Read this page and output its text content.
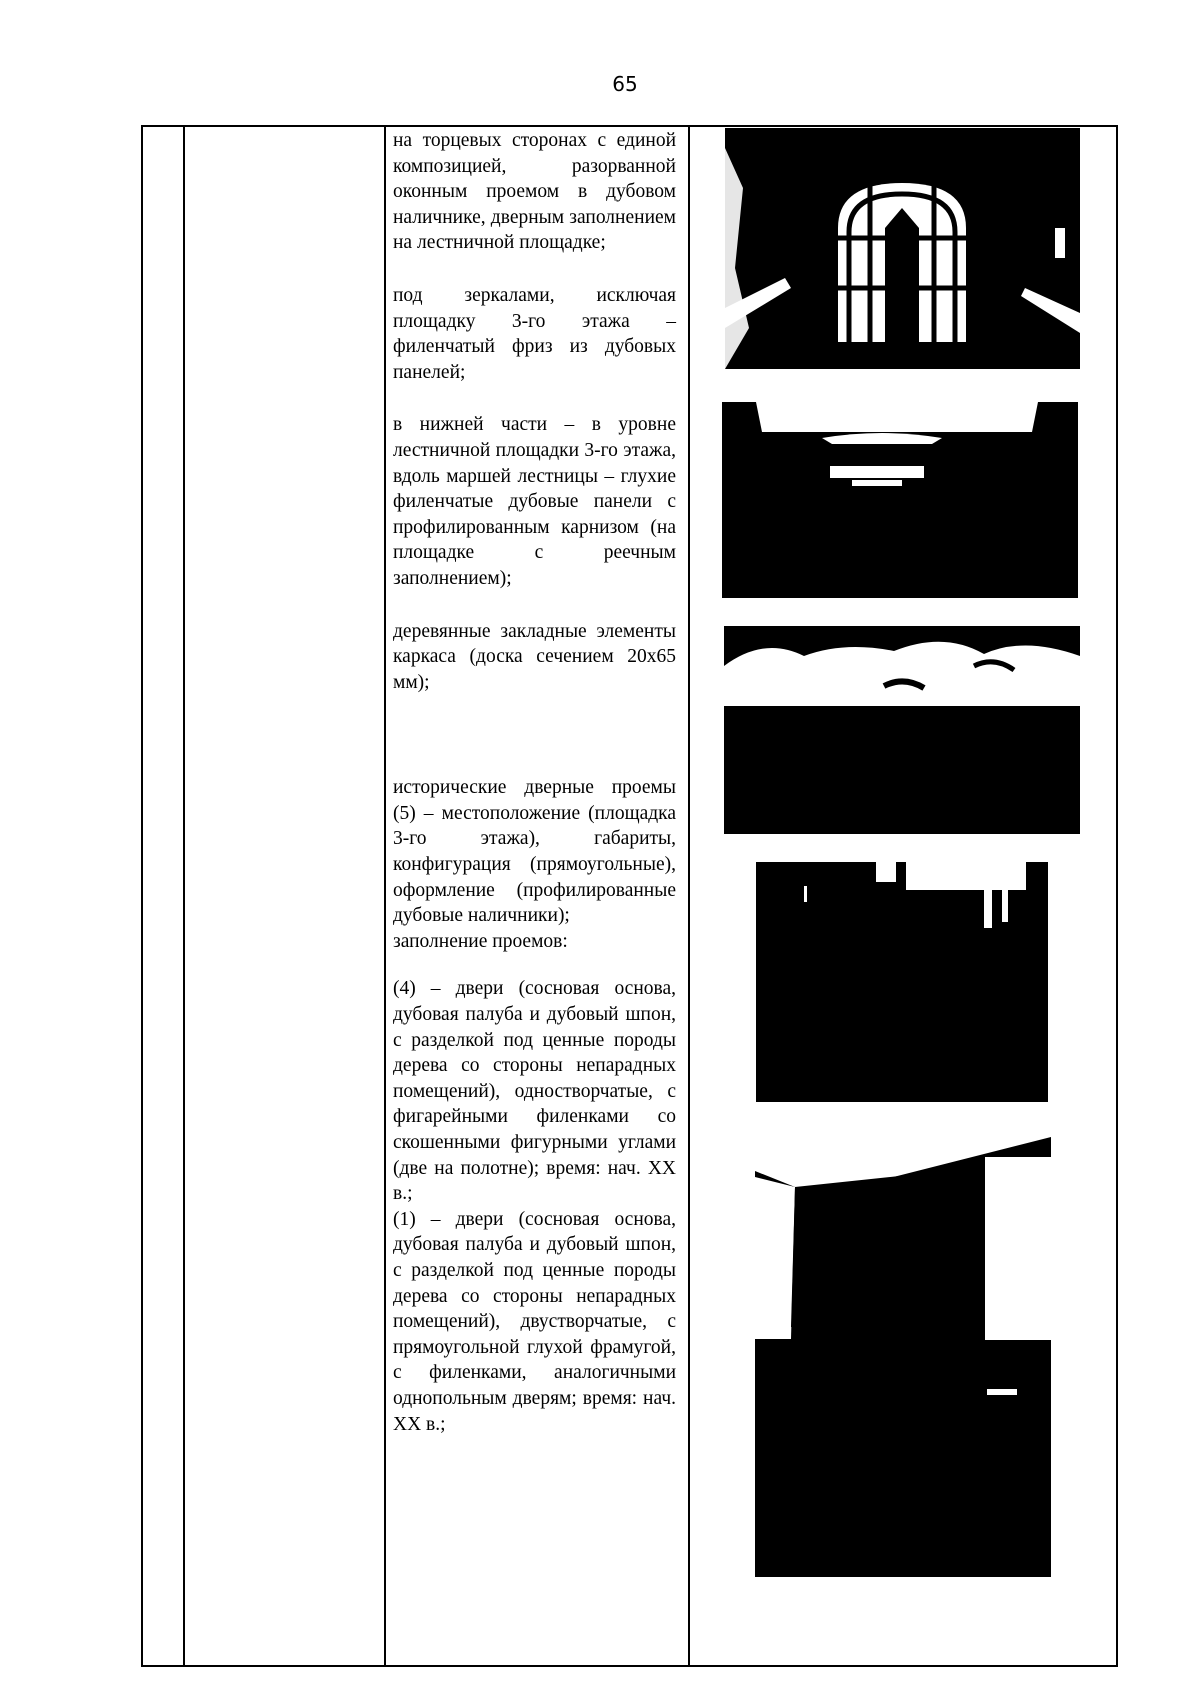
65

на торцевых сторонах с единой композицией, разорванной оконным проемом в дубовом наличнике, дверным заполнением на лестничной площадке;

под зеркалами, исключая площадку 3-го этажа – филенчатый фриз из дубовых панелей;

в нижней части – в уровне лестничной площадки 3-го этажа, вдоль маршей лестницы – глухие филенчатые дубовые панели с профилированным карнизом (на площадке с реечным заполнением);

деревянные закладные элементы каркаса (доска сечением 20х65 мм);

исторические дверные проемы (5) – местоположение (площадка 3-го этажа), габариты, конфигурация (прямоугольные), оформление (профилированные дубовые наличники);

заполнение проемов:

(4) – двери (сосновая основа, дубовая палуба и дубовый шпон, с разделкой под ценные породы дерева со стороны непарадных помещений), одностворчатые, с фигарейными филенками со скошенными фигурными углами (две на полотне); время: нач. XX в.;

(1) – двери (сосновая основа, дубовая палуба и дубовый шпон, с разделкой под ценные породы дерева со стороны непарадных помещений), двустворчатые, с прямоугольной глухой фрамугой, с филенками, аналогичными однопольным дверям; время: нач. XX в.;
